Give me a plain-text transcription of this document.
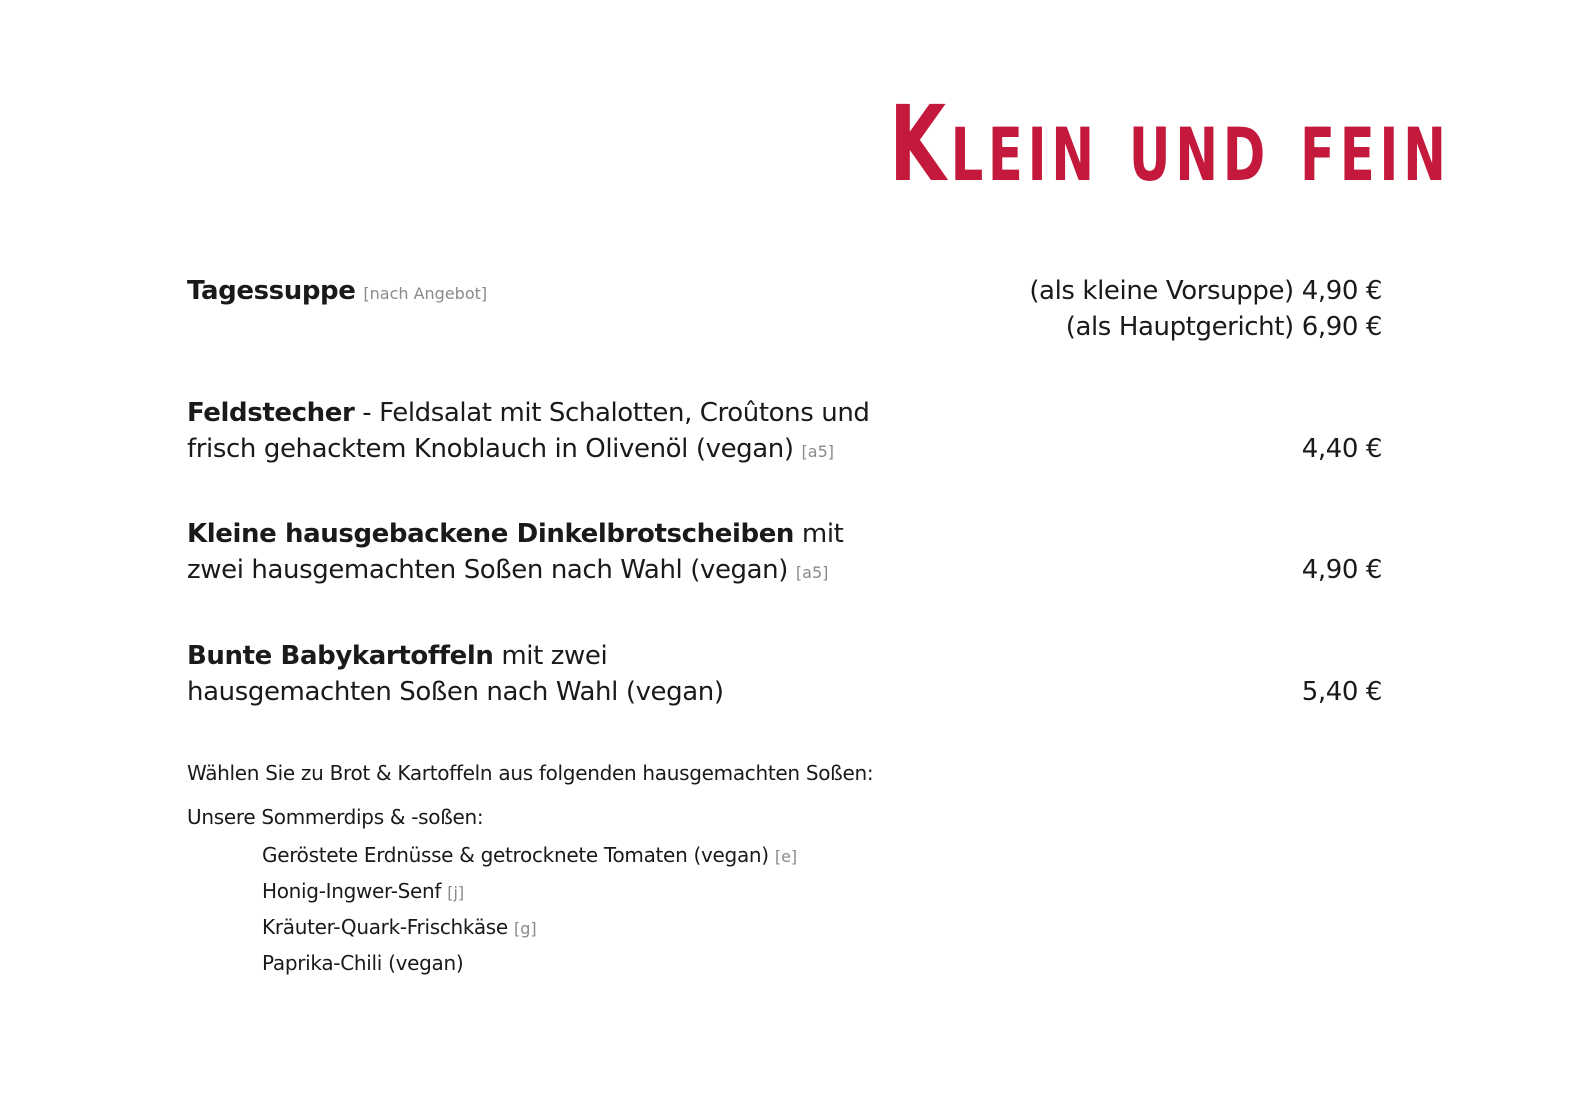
Klein und fein
Tagessuppe [nach Angebot]	(als kleine Vorsuppe) 4,90 €
(als Hauptgericht) 6,90 €
Feldstecher - Feldsalat mit Schalotten, Croûtons und
frisch gehacktem Knoblauch in Olivenöl (vegan) [a5]	4,40 €
Kleine hausgebackene Dinkelbrotscheiben mit
zwei hausgemachten Soßen nach Wahl (vegan) [a5]	4,90 €
Bunte Babykartoffeln mit zwei
hausgemachten Soßen nach Wahl (vegan)	5,40 €
Wählen Sie zu Brot & Kartoffeln aus folgenden hausgemachten Soßen:
Unsere Sommerdips & -soßen:
Geröstete Erdnüsse & getrocknete Tomaten (vegan) [e]
Honig-Ingwer-Senf [j]
Kräuter-Quark-Frischkäse [g]
Paprika-Chili (vegan)
